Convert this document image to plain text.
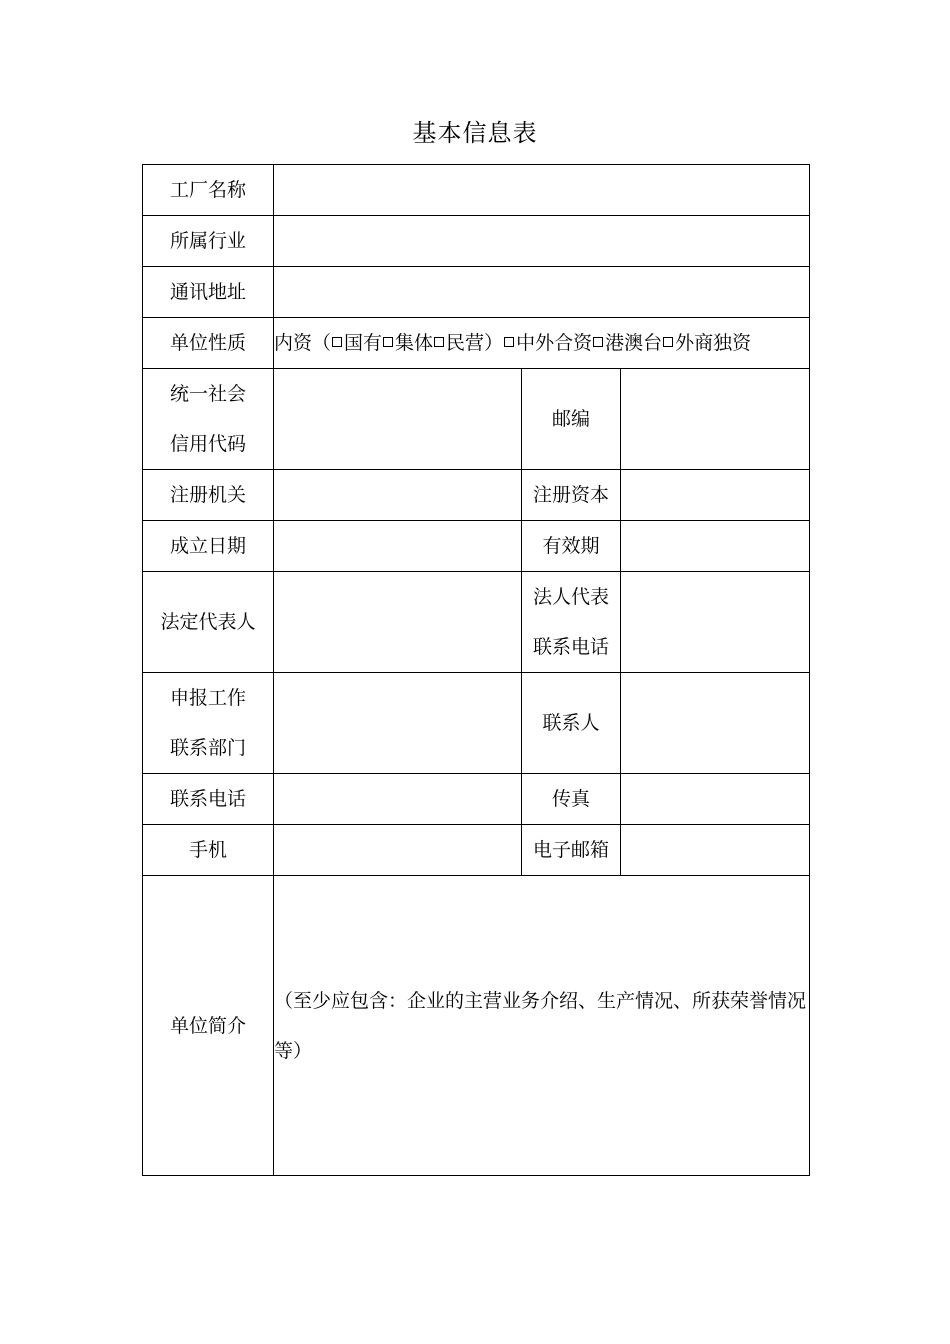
基本信息表
工厂名称			
所属行业			
通讯地址			
单位性质	内资（ 国有 集体 民营） 中外合资 港澳台 外商独资		
统一社会
信用代码		邮编	
注册机关		注册资本	
成立日期		有效期	
法定代表人		法人代表
联系电话	
申报工作
联系部门		联系人	
联系电话		传真	
手机		电子邮箱	
单位简介	（至少应包含：企业的主营业务介绍、生产情况、所获荣誉情况等）		
